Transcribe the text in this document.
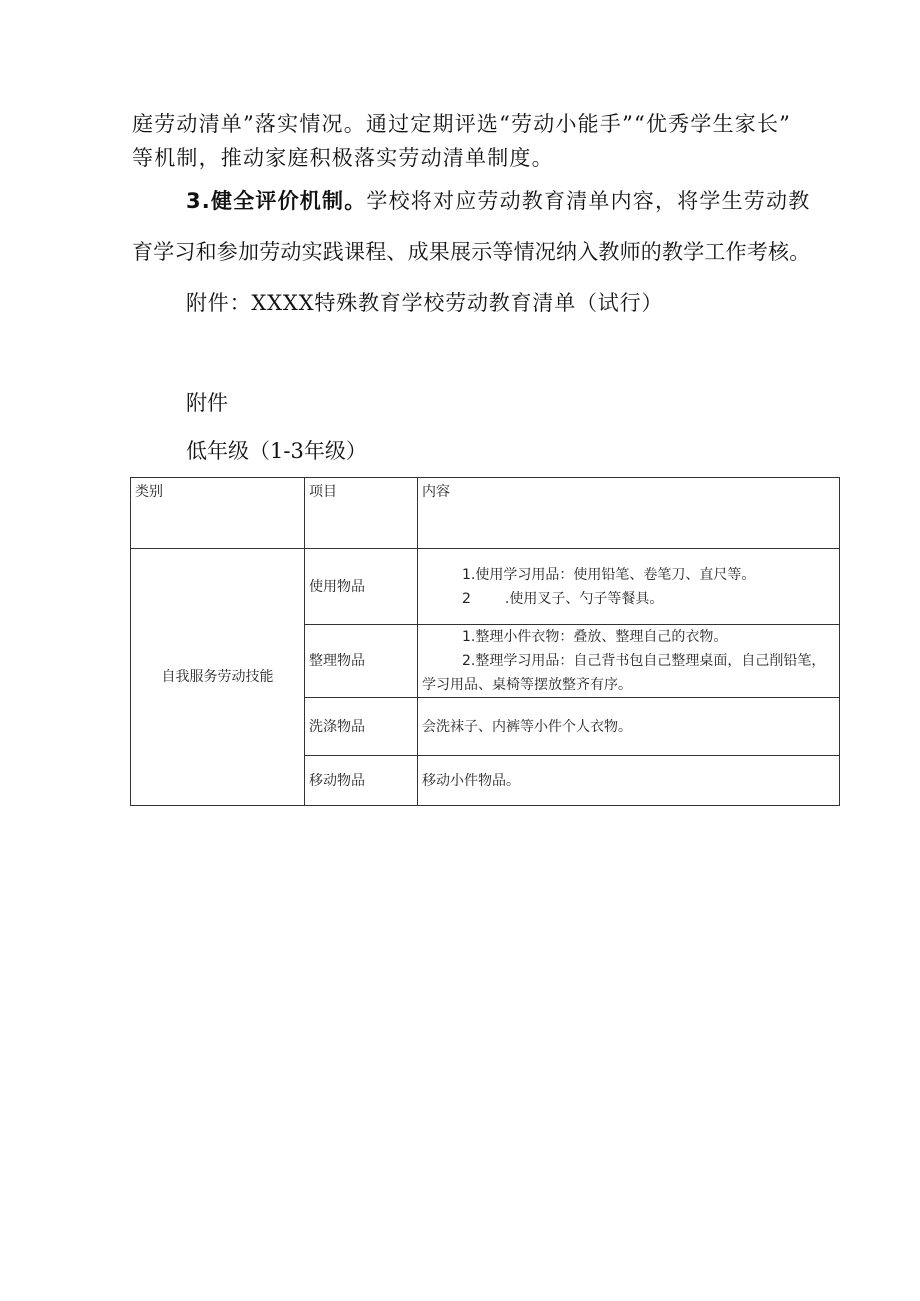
庭劳动清单”落实情况。通过定期评选“劳动小能手”“优秀学生家长”
等机制，推动家庭积极落实劳动清单制度。
3.健全评价机制。学校将对应劳动教育清单内容，将学生劳动教
育学习和参加劳动实践课程、成果展示等情况纳入教师的教学工作考核。
附件：XXXX特殊教育学校劳动教育清单（试行）
附件
低年级（1-3年级）
类别	项目	内容
自我服务劳动技能	使用物品	1.使用学习用品：使用铅笔、卷笔刀、直尺等。
2 .使用叉子、勺子等餐具。

	整理物品	1.整理小件衣物：叠放、整理自己的衣物。
2.整理学习用品：自己背书包自己整理桌面，自己削铅笔，学习用品、桌椅等摆放整齐有序。

	洗涤物品	会洗袜子、内裤等小件个人衣物。
	移动物品	移动小件物品。
